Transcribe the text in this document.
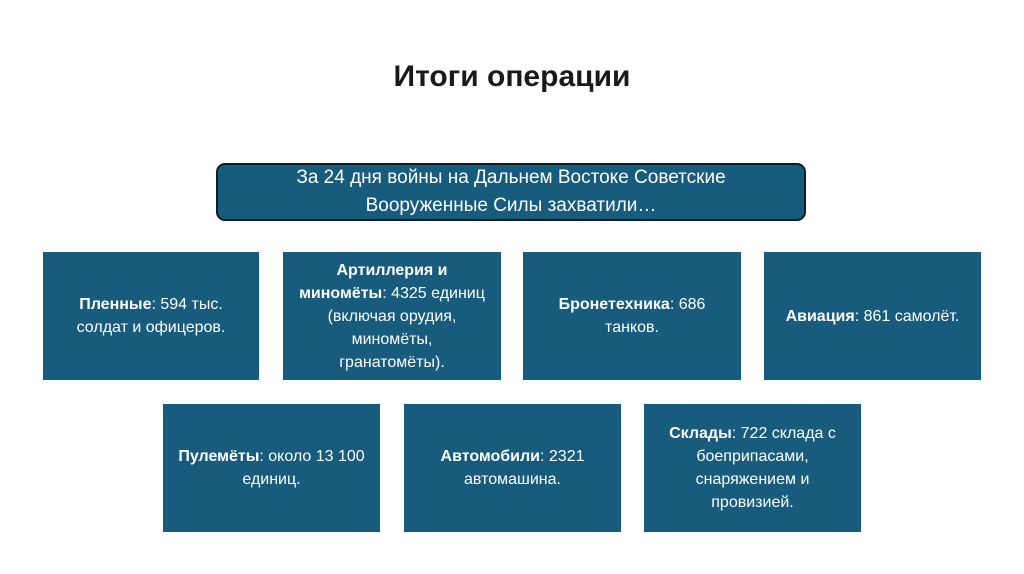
Итоги операции
За 24 дня войны на Дальнем Востоке Советские
Вооруженные Силы захватили…
Пленные: 594 тыс. солдат и офицеров.
Артиллерия и миномёты: 4325 единиц (включая орудия, миномёты, гранатомёты).
Бронетехника: 686 танков.
Авиация: 861 самолёт.
Пулемёты: около 13 100 единиц.
Автомобили: 2321 автомашина.
Склады: 722 склада с боеприпасами, снаряжением и провизией.
